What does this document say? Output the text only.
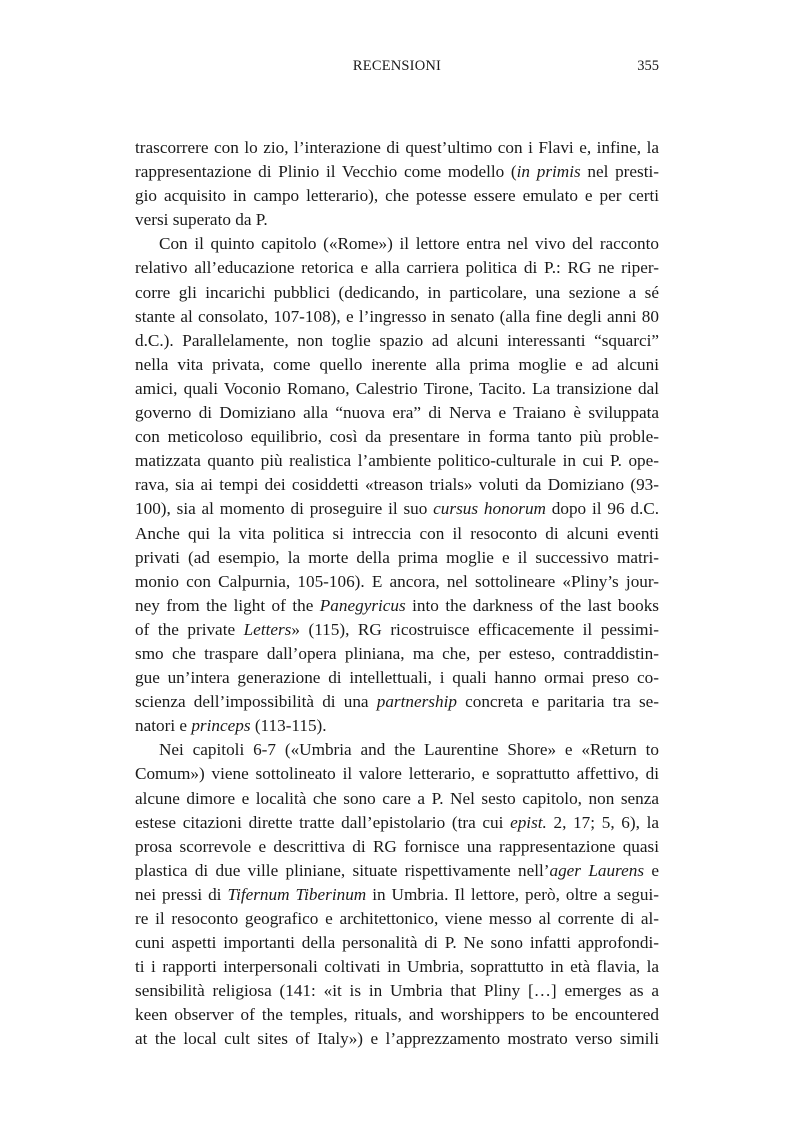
RECENSIONI	355
trascorrere con lo zio, l’interazione di quest’ultimo con i Flavi e, infine, la
rappresentazione di Plinio il Vecchio come modello (in primis nel presti-
gio acquisito in campo letterario), che potesse essere emulato e per certi
versi superato da P.
Con il quinto capitolo («Rome») il lettore entra nel vivo del racconto
relativo all’educazione retorica e alla carriera politica di P.: RG ne riper-
corre gli incarichi pubblici (dedicando, in particolare, una sezione a sé
stante al consolato, 107-108), e l’ingresso in senato (alla fine degli anni 80
d.C.). Parallelamente, non toglie spazio ad alcuni interessanti “squarci”
nella vita privata, come quello inerente alla prima moglie e ad alcuni
amici, quali Voconio Romano, Calestrio Tirone, Tacito. La transizione dal
governo di Domiziano alla “nuova era” di Nerva e Traiano è sviluppata
con meticoloso equilibrio, così da presentare in forma tanto più proble-
matizzata quanto più realistica l’ambiente politico-culturale in cui P. ope-
rava, sia ai tempi dei cosiddetti «treason trials» voluti da Domiziano (93-
100), sia al momento di proseguire il suo cursus honorum dopo il 96 d.C.
Anche qui la vita politica si intreccia con il resoconto di alcuni eventi
privati (ad esempio, la morte della prima moglie e il successivo matri-
monio con Calpurnia, 105-106). E ancora, nel sottolineare «Pliny’s jour-
ney from the light of the Panegyricus into the darkness of the last books
of the private Letters» (115), RG ricostruisce efficacemente il pessimi-
smo che traspare dall’opera pliniana, ma che, per esteso, contraddistin-
gue un’intera generazione di intellettuali, i quali hanno ormai preso co-
scienza dell’impossibilità di una partnership concreta e paritaria tra se-
natori e princeps (113-115).
Nei capitoli 6-7 («Umbria and the Laurentine Shore» e «Return to
Comum») viene sottolineato il valore letterario, e soprattutto affettivo, di
alcune dimore e località che sono care a P. Nel sesto capitolo, non senza
estese citazioni dirette tratte dall’epistolario (tra cui epist. 2, 17; 5, 6), la
prosa scorrevole e descrittiva di RG fornisce una rappresentazione quasi
plastica di due ville pliniane, situate rispettivamente nell’ager Laurens e
nei pressi di Tifernum Tiberinum in Umbria. Il lettore, però, oltre a segui-
re il resoconto geografico e architettonico, viene messo al corrente di al-
cuni aspetti importanti della personalità di P. Ne sono infatti approfondi-
ti i rapporti interpersonali coltivati in Umbria, soprattutto in età flavia, la
sensibilità religiosa (141: «it is in Umbria that Pliny […] emerges as a
keen observer of the temples, rituals, and worshippers to be encountered
at the local cult sites of Italy») e l’apprezzamento mostrato verso simili
